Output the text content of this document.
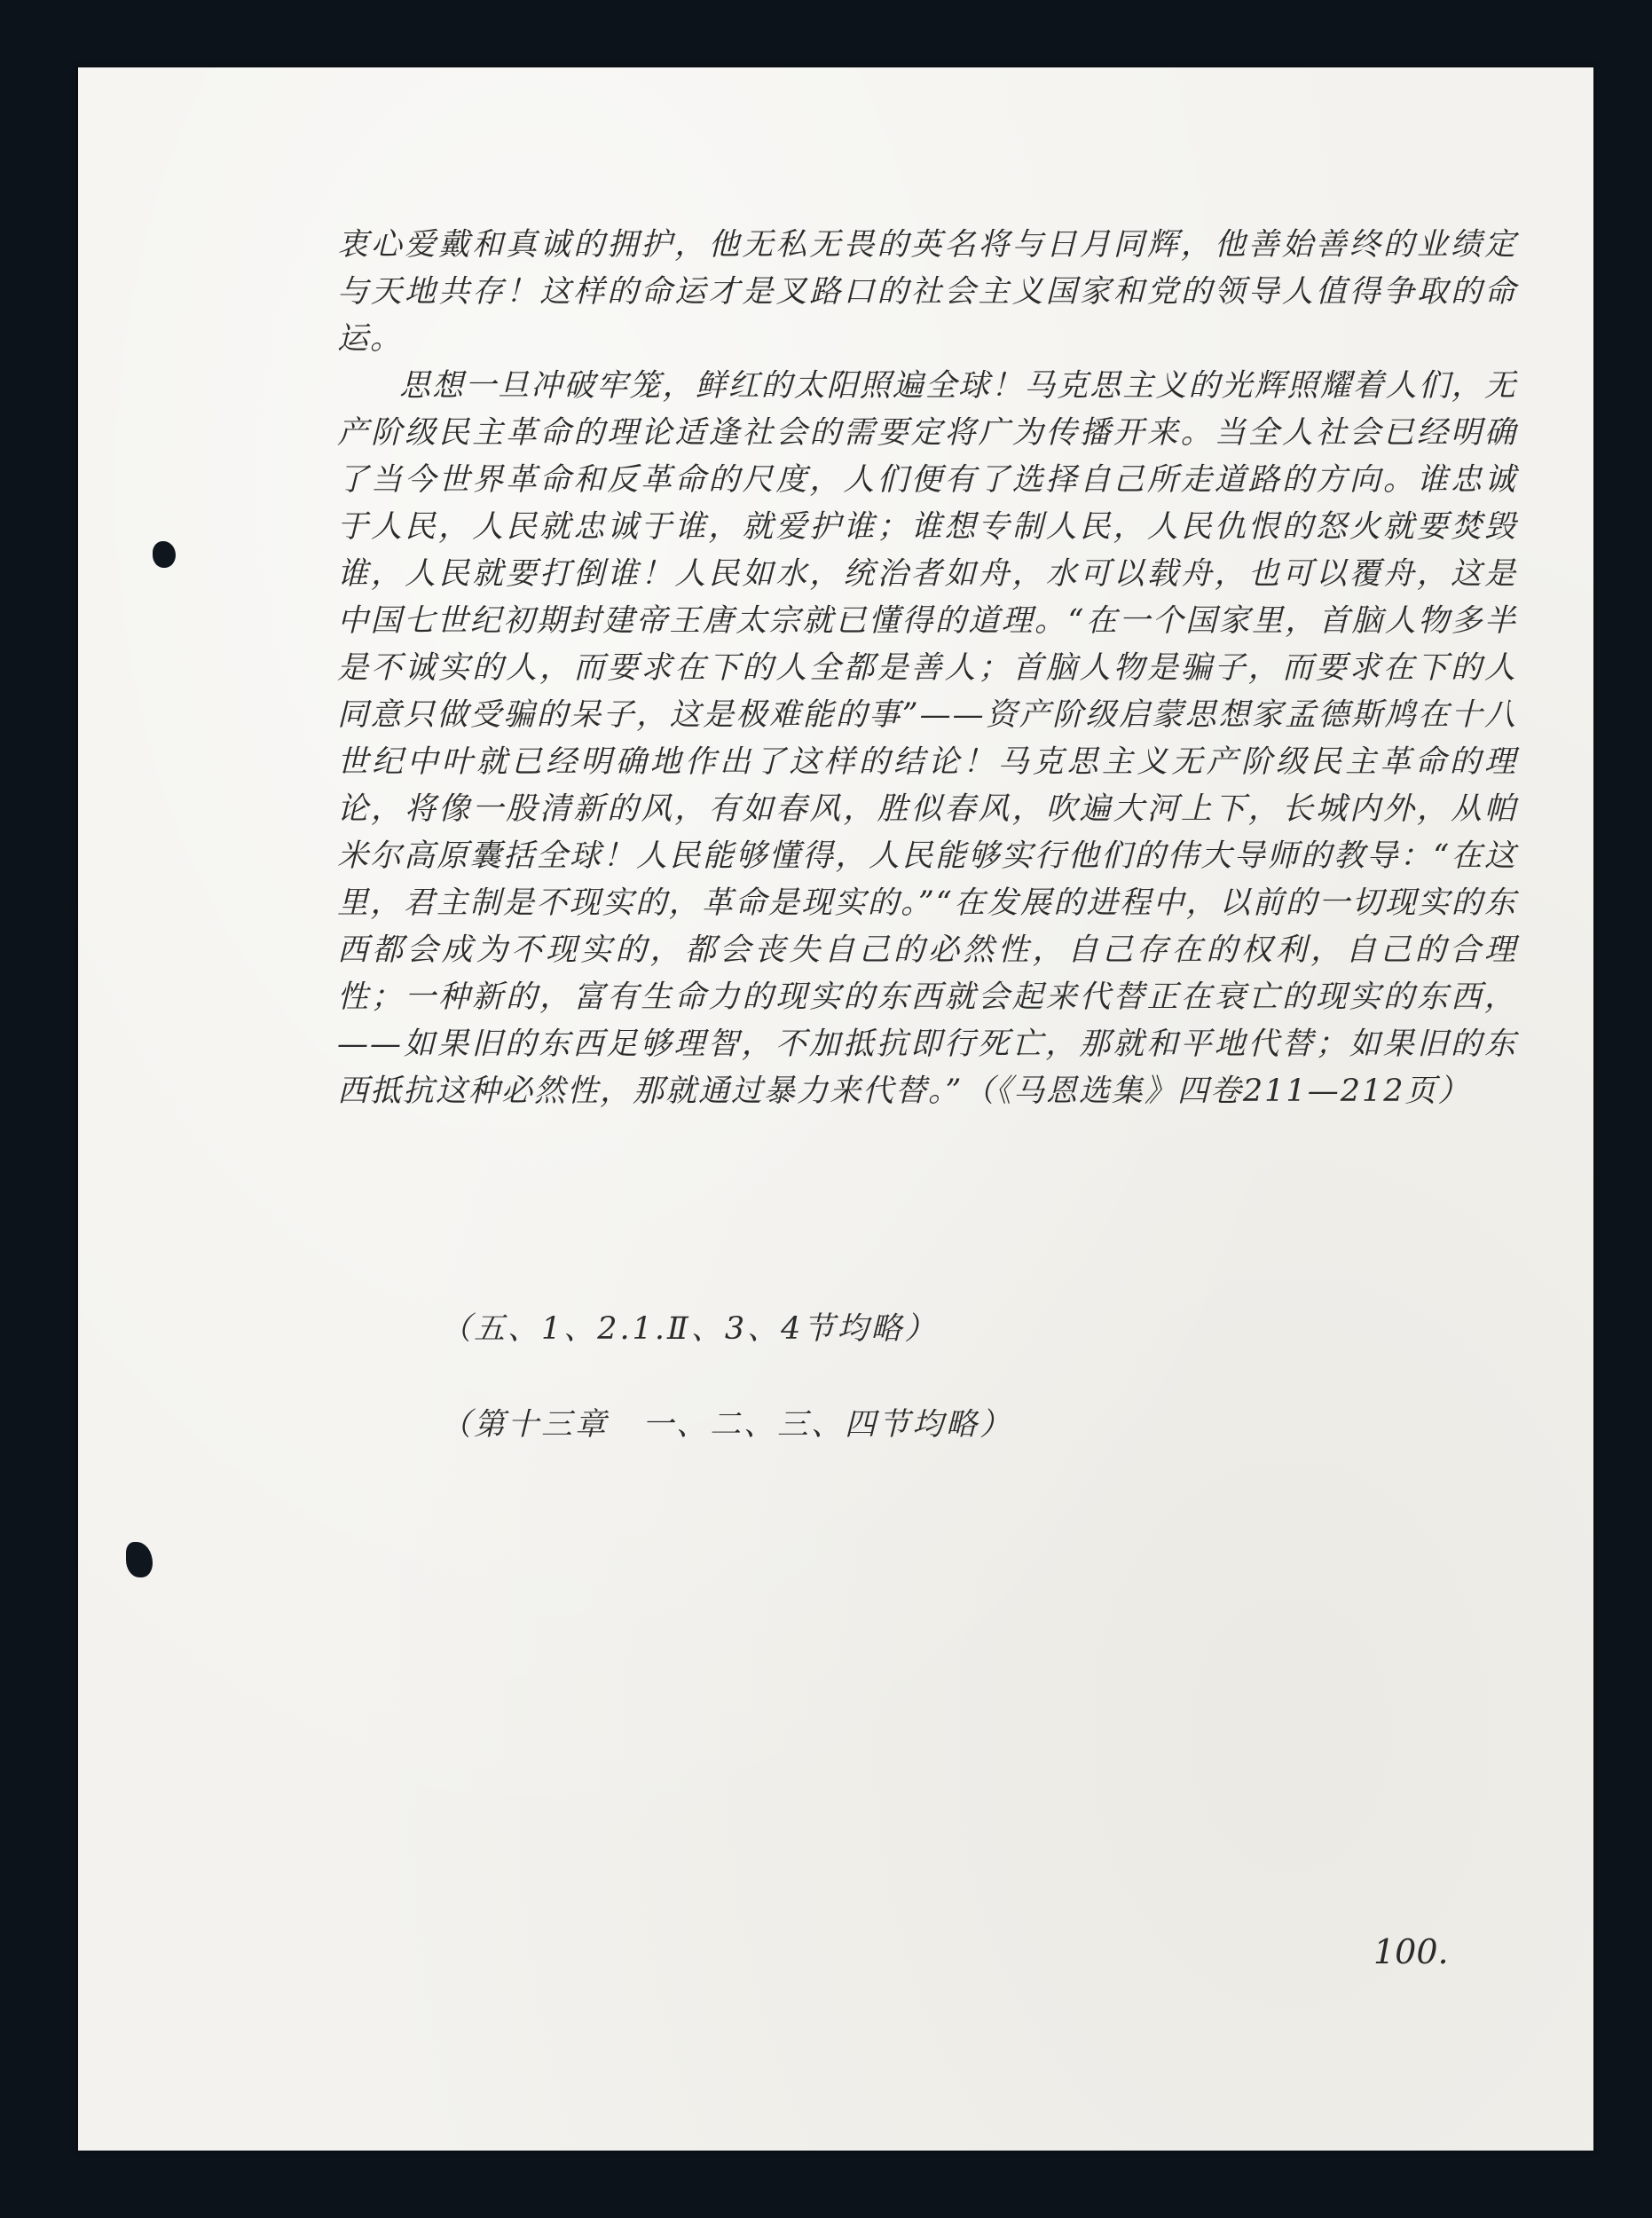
衷心爱戴和真诚的拥护，他无私无畏的英名将与日月同辉，他善始善终的业绩定与天地共存！这样的命运才是叉路口的社会主义国家和党的领导人值得争取的命运。

思想一旦冲破牢笼，鲜红的太阳照遍全球！马克思主义的光辉照耀着人们，无产阶级民主革命的理论适逢社会的需要定将广为传播开来。当全人社会已经明确了当今世界革命和反革命的尺度，人们便有了选择自己所走道路的方向。谁忠诚于人民，人民就忠诚于谁，就爱护谁；谁想专制人民，人民仇恨的怒火就要焚毁谁，人民就要打倒谁！人民如水，统治者如舟，水可以载舟，也可以覆舟，这是中国七世纪初期封建帝王唐太宗就已懂得的道理。“在一个国家里，首脑人物多半是不诚实的人，而要求在下的人全都是善人；首脑人物是骗子，而要求在下的人同意只做受骗的呆子，这是极难能的事”——资产阶级启蒙思想家孟德斯鸠在十八世纪中叶就已经明确地作出了这样的结论！马克思主义无产阶级民主革命的理论，将像一股清新的风，有如春风，胜似春风，吹遍大河上下，长城内外，从帕米尔高原囊括全球！人民能够懂得，人民能够实行他们的伟大导师的教导：“在这里，君主制是不现实的，革命是现实的。”“在发展的进程中，以前的一切现实的东西都会成为不现实的，都会丧失自己的必然性，自己存在的权利，自己的合理性；一种新的，富有生命力的现实的东西就会起来代替正在衰亡的现实的东西，——如果旧的东西足够理智，不加抵抗即行死亡，那就和平地代替；如果旧的东西抵抗这种必然性，那就通过暴力来代替。”（《马恩选集》四卷211—212页）

（五、1、2.1.Ⅱ、3、4节均略）
（第十三章　一、二、三、四节均略）
100.
